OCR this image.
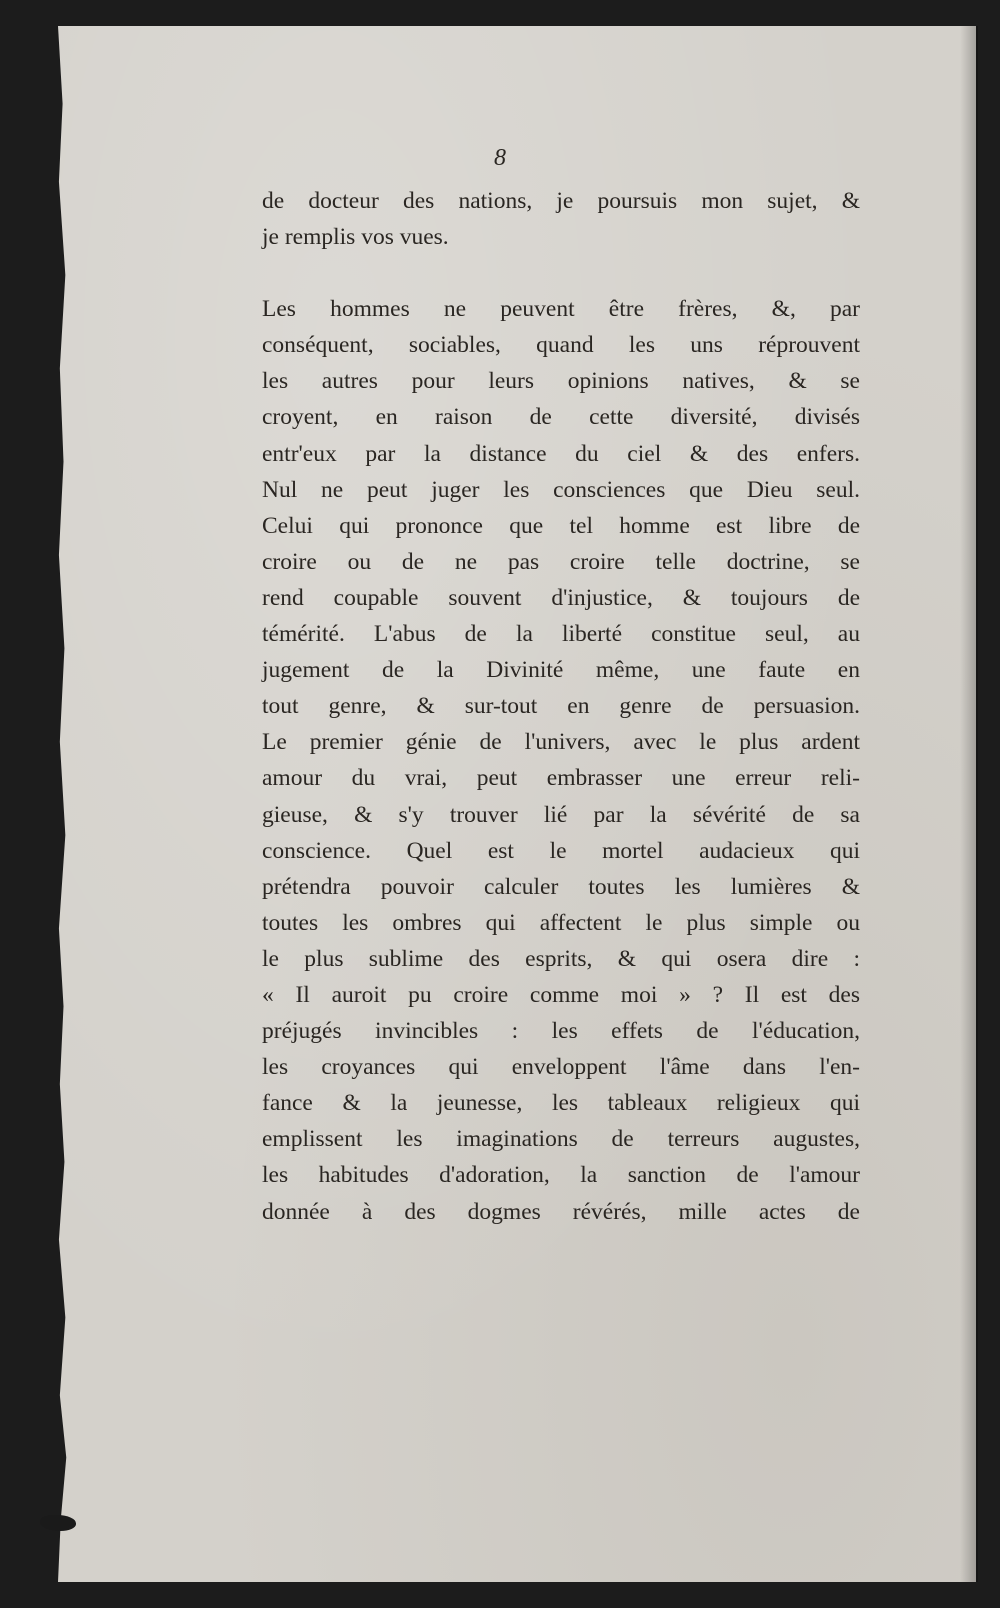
8
de docteur des nations, je poursuis mon sujet, &
je remplis vos vues.
Les hommes ne peuvent être frères, &, par
conséquent, sociables, quand les uns réprouvent
les autres pour leurs opinions natives, & se
croyent, en raison de cette diversité, divisés
entr'eux par la distance du ciel & des enfers.
Nul ne peut juger les consciences que Dieu seul.
Celui qui prononce que tel homme est libre de
croire ou de ne pas croire telle doctrine, se
rend coupable souvent d'injustice, & toujours de
témérité. L'abus de la liberté constitue seul, au
jugement de la Divinité même, une faute en
tout genre, & sur-tout en genre de persuasion.
Le premier génie de l'univers, avec le plus ardent
amour du vrai, peut embrasser une erreur reli-
gieuse, & s'y trouver lié par la sévérité de sa
conscience. Quel est le mortel audacieux qui
prétendra pouvoir calculer toutes les lumières &
toutes les ombres qui affectent le plus simple ou
le plus sublime des esprits, & qui osera dire :
« Il auroit pu croire comme moi » ? Il est des
préjugés invincibles : les effets de l'éducation,
les croyances qui enveloppent l'âme dans l'en-
fance & la jeunesse, les tableaux religieux qui
emplissent les imaginations de terreurs augustes,
les habitudes d'adoration, la sanction de l'amour
donnée à des dogmes révérés, mille actes de
